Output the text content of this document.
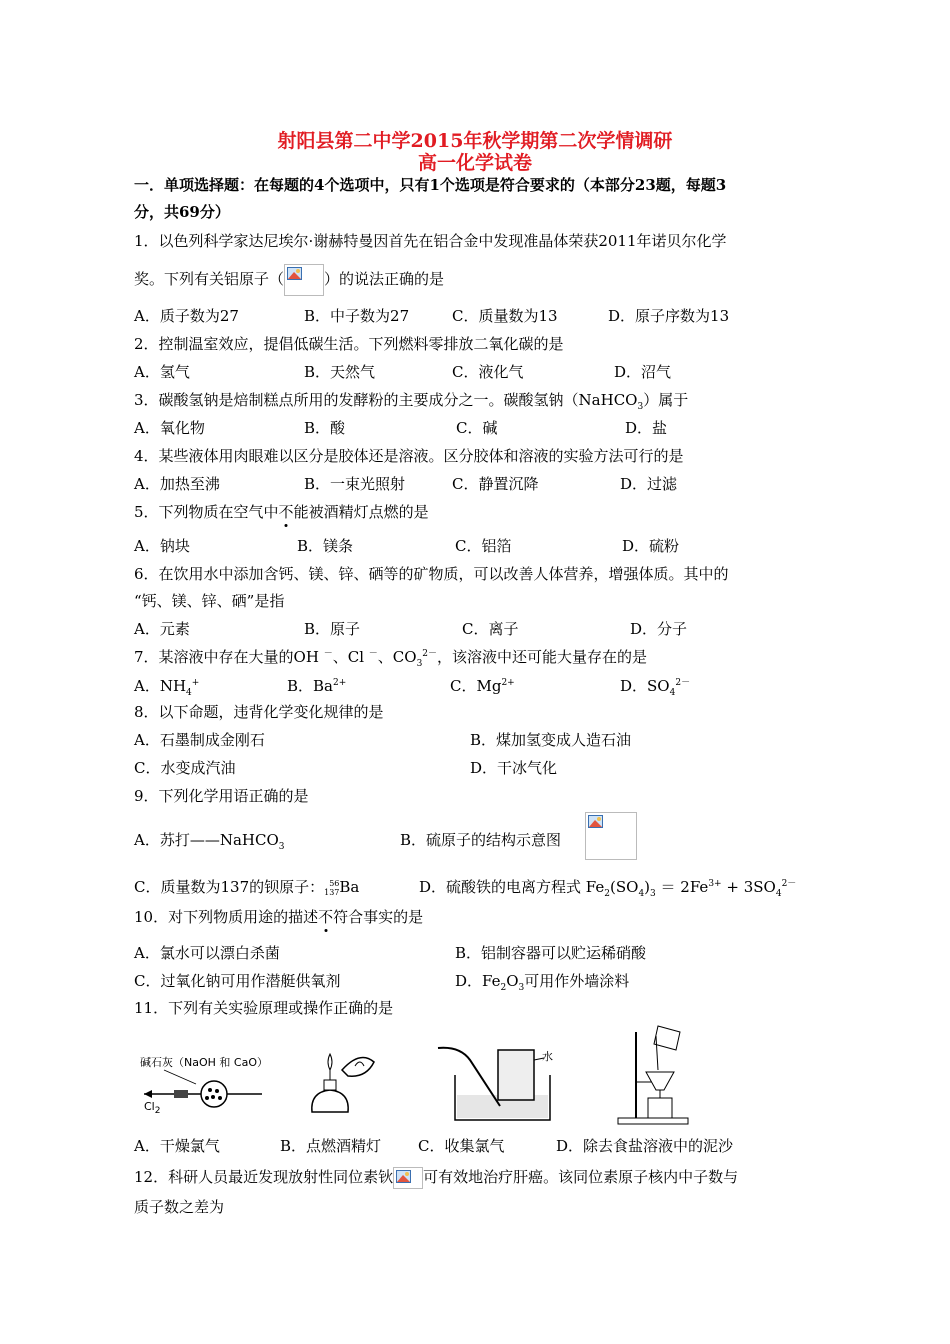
射阳县第二中学2015年秋学期第二次学情调研
高一化学试卷
一．单项选择题：在每题的4个选项中，只有1个选项是符合要求的（本部分23题，每题3
分，共69分）
1．以色列科学家达尼埃尔·谢赫特曼因首先在铝合金中发现准晶体荣获2011年诺贝尔化学
奖。下列有关铝原子（	）的说法正确的是
A．质子数为27	B．中子数为27	C．质量数为13	D．原子序数为13
2．控制温室效应，提倡低碳生活。下列燃料零排放二氧化碳的是
A．氢气	B．天然气	C．液化气	D．沼气
3．碳酸氢钠是焙制糕点所用的发酵粉的主要成分之一。碳酸氢钠（NaHCO$_3$）属于
A．氧化物	B．酸	C．碱	D．盐
4．某些液体用肉眼难以区分是胶体还是溶液。区分胶体和溶液的实验方法可行的是
A．加热至沸	B．一束光照射	C．静置沉降	D．过滤
5．下列物质在空气中不能被酒精灯点燃的是
A．钠块	B．镁条	C．铝箔	D．硫粉
6．在饮用水中添加含钙、镁、锌、硒等的矿物质，可以改善人体营养，增强体质。其中的
“钙、镁、锌、硒”是指
A．元素	B．原子	C．离子	D．分子
7．某溶液中存在大量的OH －、Cl －、$CO_3^{2-}$，该溶液中还可能大量存在的是
A．$NH_4^+$	B．$Ba^{2+}$	C．$Mg^{2+}$	D．$SO_4^{2-}$
8．以下命题，违背化学变化规律的是
A．石墨制成金刚石	B．煤加氢变成人造石油
C．水变成汽油	D．干冰气化
9．下列化学用语正确的是
A．苏打——NaHCO$_3$	B．硫原子的结构示意图
C．质量数为137的钡原子： 56
137 Ba	D．硫酸铁的电离方程式 $Fe_2(SO_4)_3 = 2Fe^{3+} + 3SO_4^{2-}$
10．对下列物质用途的描述不符合事实的是
A．氯水可以漂白杀菌	B．铝制容器可以贮运稀硝酸
C．过氧化钠可用作潜艇供氧剂	D．$Fe_2O_3$可用作外墙涂料
11．下列有关实验原理或操作正确的是
碱石灰（NaOH 和 CaO）
$Cl_2$
水
A．干燥氯气	B．点燃酒精灯 C．收集氯气	D．除去食盐溶液中的泥沙
12．科研人员最近发现放射性同位素钬 可有效地治疗肝癌。该同位素原子核内中子数与
质子数之差为
